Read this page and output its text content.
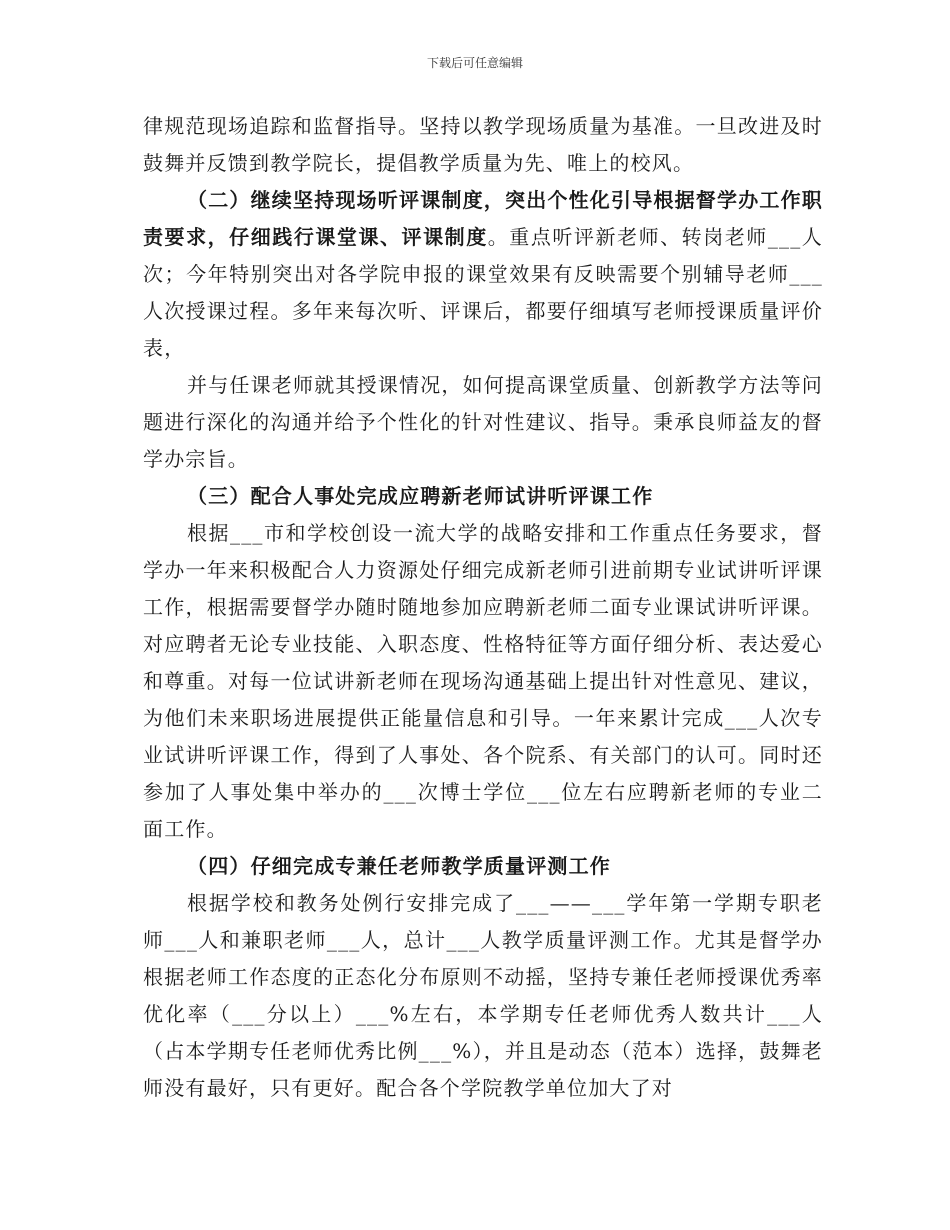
下载后可任意编辑

律规范现场追踪和监督指导。坚持以教学现场质量为基准。一旦改进及时鼓舞并反馈到教学院长，提倡教学质量为先、唯上的校风。

（二）继续坚持现场听评课制度，突出个性化引导根据督学办工作职责要求，仔细践行课堂课、评课制度。重点听评新老师、转岗老师___人次；今年特别突出对各学院申报的课堂效果有反映需要个别辅导老师___人次授课过程。多年来每次听、评课后，都要仔细填写老师授课质量评价表，

并与任课老师就其授课情况，如何提高课堂质量、创新教学方法等问题进行深化的沟通并给予个性化的针对性建议、指导。秉承良师益友的督学办宗旨。

（三）配合人事处完成应聘新老师试讲听评课工作

根据___市和学校创设一流大学的战略安排和工作重点任务要求，督学办一年来积极配合人力资源处仔细完成新老师引进前期专业试讲听评课工作，根据需要督学办随时随地参加应聘新老师二面专业课试讲听评课。对应聘者无论专业技能、入职态度、性格特征等方面仔细分析、表达爱心和尊重。对每一位试讲新老师在现场沟通基础上提出针对性意见、建议，为他们未来职场进展提供正能量信息和引导。一年来累计完成___人次专业试讲听评课工作，得到了人事处、各个院系、有关部门的认可。同时还参加了人事处集中举办的___次博士学位___位左右应聘新老师的专业二面工作。

（四）仔细完成专兼任老师教学质量评测工作

根据学校和教务处例行安排完成了___——___学年第一学期专职老师___人和兼职老师___人，总计___人教学质量评测工作。尤其是督学办根据老师工作态度的正态化分布原则不动摇，坚持专兼任老师授课优秀率优化率（___分以上）___%左右，本学期专任老师优秀人数共计___人（占本学期专任老师优秀比例___%），并且是动态（范本）选择，鼓舞老师没有最好，只有更好。配合各个学院教学单位加大了对
